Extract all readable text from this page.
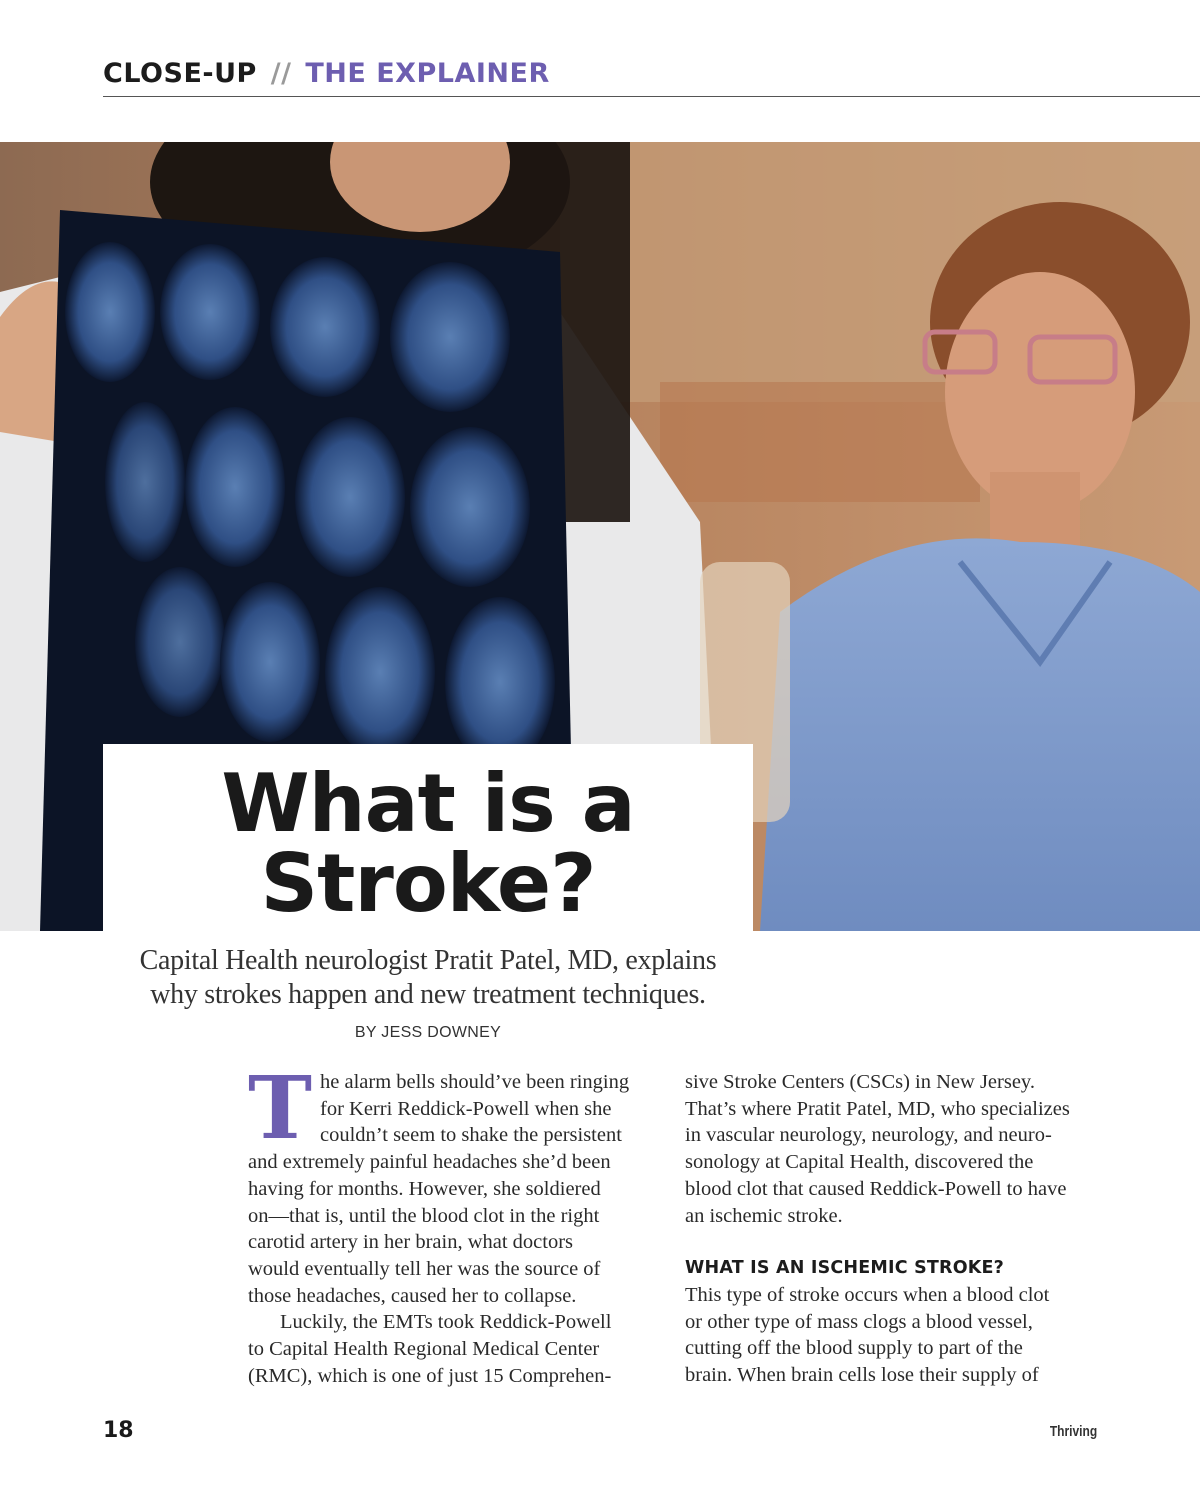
CLOSE-UP // THE EXPLAINER
What is a
Stroke?
Capital Health neurologist Pratit Patel, MD, explains
why strokes happen and new treatment techniques.
BY JESS DOWNEY
T he alarm bells should’ve been ringing
for Kerri Reddick-Powell when she
couldn’t seem to shake the persistent
and extremely painful headaches she’d been
having for months. However, she soldiered
on—that is, until the blood clot in the right
carotid artery in her brain, what doctors
would eventually tell her was the source of
those headaches, caused her to collapse.
Luckily, the EMTs took Reddick-Powell
to Capital Health Regional Medical Center
(RMC), which is one of just 15 Comprehen-
sive Stroke Centers (CSCs) in New Jersey.
That’s where Pratit Patel, MD, who specializes
in vascular neurology, neurology, and neuro-
sonology at Capital Health, discovered the
blood clot that caused Reddick-Powell to have
an ischemic stroke.
WHAT IS AN ISCHEMIC STROKE?
This type of stroke occurs when a blood clot
or other type of mass clogs a blood vessel,
cutting off the blood supply to part of the
brain. When brain cells lose their supply of
18	Thriving
